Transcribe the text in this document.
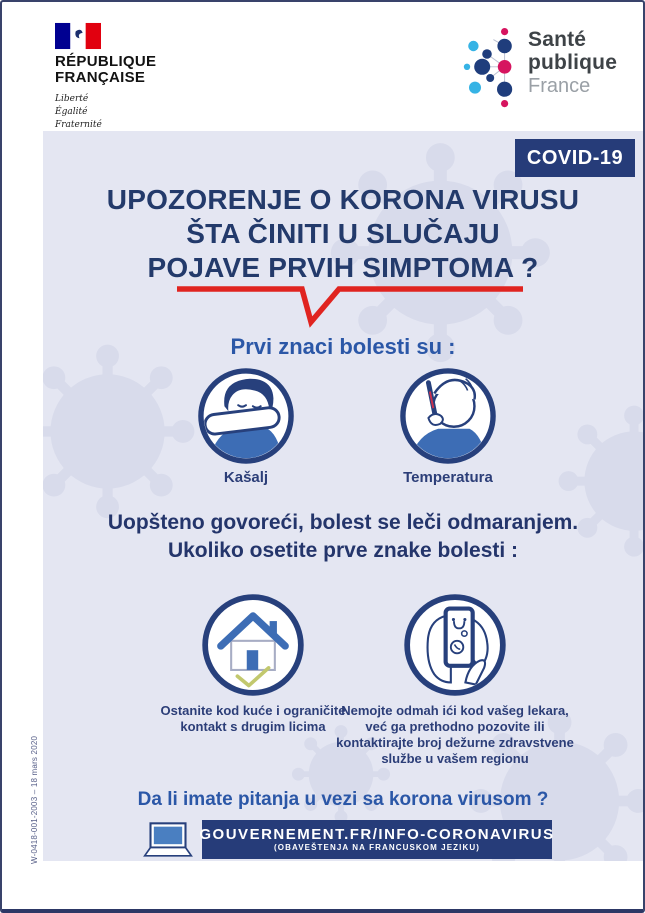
RÉPUBLIQUE
FRANÇAISE
Liberté
Égalité
Fraternité
Santé
publique
France
COVID-19
UPOZORENJE O KORONA VIRUSU
ŠTA ČINITI U SLUČAJU
POJAVE PRVIH SIMPTOMA ?
Prvi znaci bolesti su :
Kašalj	Temperatura
Uopšteno govoreći, bolest se leči odmaranjem.
Ukoliko osetite prve znake bolesti :
Ostanite kod kuće i ograničite kontakt s drugim licima
Nemojte odmah ići kod vašeg lekara, već ga prethodno pozovite ili kontaktirajte broj dežurne zdravstvene službe u vašem regionu
Da li imate pitanja u vezi sa korona virusom ?
GOUVERNEMENT.FR/INFO-CORONAVIRUS
(OBAVEŠTENJA NA FRANCUSKOM JEZIKU)
W-0418-001-2003 – 18 mars 2020
